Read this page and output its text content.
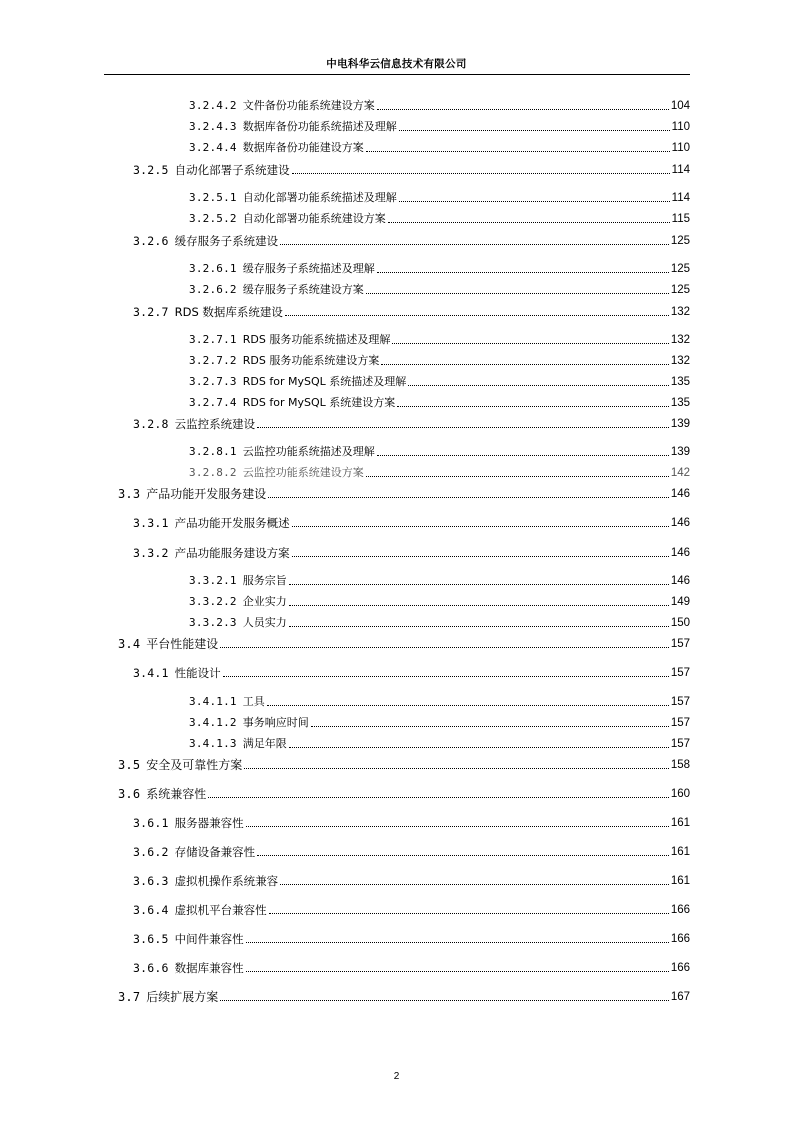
中电科华云信息技术有限公司
3.2.4.2 文件备份功能系统建设方案	104
3.2.4.3 数据库备份功能系统描述及理解	110
3.2.4.4 数据库备份功能建设方案	110
3.2.5 自动化部署子系统建设	114
3.2.5.1 自动化部署功能系统描述及理解	114
3.2.5.2 自动化部署功能系统建设方案	115
3.2.6 缓存服务子系统建设	125
3.2.6.1 缓存服务子系统描述及理解	125
3.2.6.2 缓存服务子系统建设方案	125
3.2.7 RDS 数据库系统建设	132
3.2.7.1 RDS 服务功能系统描述及理解	132
3.2.7.2 RDS 服务功能系统建设方案	132
3.2.7.3 RDS for MySQL 系统描述及理解	135
3.2.7.4 RDS for MySQL 系统建设方案	135
3.2.8 云监控系统建设	139
3.2.8.1 云监控功能系统描述及理解	139
3.2.8.2 云监控功能系统建设方案	142
3.3 产品功能开发服务建设	146
3.3.1 产品功能开发服务概述	146
3.3.2 产品功能服务建设方案	146
3.3.2.1 服务宗旨	146
3.3.2.2 企业实力	149
3.3.2.3 人员实力	150
3.4 平台性能建设	157
3.4.1 性能设计	157
3.4.1.1 工具	157
3.4.1.2 事务响应时间	157
3.4.1.3 满足年限	157
3.5 安全及可靠性方案	158
3.6 系统兼容性	160
3.6.1 服务器兼容性	161
3.6.2 存储设备兼容性	161
3.6.3 虚拟机操作系统兼容	161
3.6.4 虚拟机平台兼容性	166
3.6.5 中间件兼容性	166
3.6.6 数据库兼容性	166
3.7 后续扩展方案	167
2
